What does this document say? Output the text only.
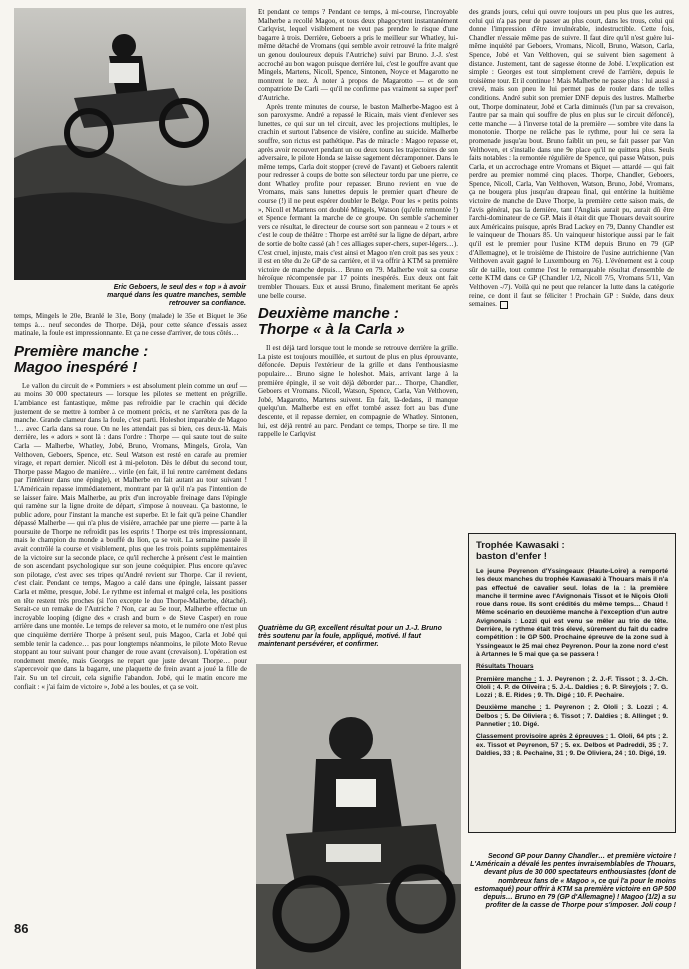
Eric Geboers, le seul des « top » à avoir marqué dans les quatre manches, semble retrouver sa confiance.

temps, Mingels le 20e, Branlé le 31e, Bony (malade) le 35e et Biquet le 36e temps à… neuf secondes de Thorpe. Déjà, pour cette séance d'essais assez matinale, la foule est impressionnante. Et ça ne cesse d'arriver, de tous côtés…

Première manche :
Magoo inespéré !

Le vallon du circuit de « Pommiers » est absolument plein comme un œuf — au moins 30 000 spectateurs — lorsque les pilotes se mettent en prégrille. L'ambiance est fantastique, même pas refroidie par le crachin qui décide justement de se mettre à tomber à ce moment précis, et ne s'arrêtera pas de la manche. Grande clameur dans la foule, c'est parti. Holeshot imparable de Magoo !… avec Carla dans sa roue. On ne les attendait pas si bien, ces deux-là. Mais derrière, les « adors » sont là : dans l'ordre : Thorpe — qui saute tout de suite Carla — Malherbe, Whatley, Jobé, Bruno, Vromans, Mingels, Grola, Van Velthoven, Geboers, Spence, etc. Seul Watson est resté en carafe au premier virage, et repart dernier. Nicoll est à mi-peloton. Dès le début du second tour, Thorpe passe Magoo de manière… virile (en fait, il lui rentre carrément dedans par l'intérieur dans une épingle), et Malherbe en fait autant au tour suivant ! L'Américain repasse immédiatement, montrant par là qu'il n'a pas l'intention de se laisser faire. Mais Malherbe, au prix d'un incroyable freinage dans l'épingle qui ramène sur la ligne droite de départ, s'impose à nouveau. Ça bastonne, le public adore, pour l'instant la manche est superbe. Et le fait qu'à peine Chandler dépassé Malherbe — qui n'a plus de visière, arrachée par une pierre — parte à la poursuite de Thorpe ne refroidit pas les esprits ! Thorpe est très impressionnant, mais le champion du monde a bouffé du lion, ça se voit. La semaine passée il avait contrôlé la course et visiblement, plus que les trois points supplémentaires de la victoire sur la seconde place, ce qu'il recherche à présent c'est le maintien de son ascendant psychologique sur son jeune coéquipier. Plus encore qu'avec son pilotage, c'est avec ses tripes qu'André revient sur Thorpe. Car il revient, c'est clair. Pendant ce temps, Magoo a calé dans une épingle, laissant passer Carla et même, presque, Jobé. Le rythme est infernal et malgré cela, les positions en tête restent très proches (si l'on excepte le duo Thorpe-Malherbe, détaché). Serait-ce un remake de l'Autriche ? Non, car au 5e tour, Malherbe effectue un incroyable looping (digne des « crash and burn » de Steve Casper) en roue arrière dans une montée. Le temps de relever sa moto, et le numéro one n'est plus que cinquième derrière Thorpe à présent seul, puis Magoo, Carla et Jobé qui semble tenir la cadence… pas pour longtemps néanmoins, le pilote Moto Revue stoppant au tour suivant pour changer de roue avant (crevaison). L'opération est rondement menée, mais Georges ne repart que juste devant Thorpe… pour s'apercevoir que dans la bagarre, une plaquette de frein avant a joué la fille de l'air. Su un tel circuit, cela signifie l'abandon. Jobé, qui le matin encore me confiait : « j'ai faim de victoire », Jobé a les boules, et ça se voit.

Et pendant ce temps ? Pendant ce temps, à mi-course, l'incroyable Malherbe a recollé Magoo, et tous deux phagocytent instantanément Carlqvist, lequel visiblement ne veut pas prendre le risque d'une bagarre à trois. Derrière, Geboers a pris le meilleur sur Whatley, lui-même détaché de Vromans (qui semble avoir retrouvé la frite malgré un genou douloureux depuis l'Autriche) suivi par Bruno. J.-J. s'est accroché au bon wagon puisque derrière lui, c'est le gouffre avant que Mingels, Martens, Nicoll, Spence, Sintonen, Noyce et Magarotto ne montrent le nez. À noter à propos de Magarotto — et de son compatriote De Carli — qu'il ne confirme pas vraiment sa super perf' d'Autriche.

Après trente minutes de course, le baston Malherbe-Magoo est à son paroxysme. André a repassé le Ricain, mais vient d'enlever ses lunettes, ce qui sur un tel circuit, avec les projections multiples, le crachin et surtout l'absence de visière, confine au suicide. Malherbe souffre, son rictus est pathétique. Pas de miracle : Magoo repasse et, après avoir recouvert pendant un ou deux tours les trajectoires de son adversaire, le pilote Honda se laisse sagement décramponner. Dans le même temps, Carla doit stopper (crevé de l'avant) et Geboers ralentit pour redresser à coups de botte son sélecteur tordu par une pierre, ce dont Whatley profite pour repasser. Bruno revient en vue de Vromans, mais sans lunettes depuis le premier quart d'heure de course (!) il ne peut espérer doubler le Belge. Pour les « petits points », Nicoll et Martens ont doublé Mingels, Watson (qu'elle remontée !) et Spence fermant la marche de ce groupe. On semble s'acheminer vers ce résultat, le directeur de course sort son panneau « 2 tours » et c'est le coup de théâtre : Thorpe est arrêté sur la ligne de départ, arbre de sortie de boîte cassé (ah ! ces alliages super-chers, super-légers…). C'est cruel, injuste, mais c'est ainsi et Magoo n'en croit pas ses yeux : il est en tête du 2e GP de sa carrière, et il va offrir à KTM sa première victoire de manche depuis… Bruno en 79. Malherbe voit sa course héroïque récompensée par 17 points inespérés. Eux deux ont fait trembler Thouars. Eux et aussi Bruno, finalement meritant 6e après une belle course.

Deuxième manche :
Thorpe « à la Carla »

Il est déjà tard lorsque tout le monde se retrouve derrière la grille. La piste est toujours mouillée, et surtout de plus en plus éprouvante, défoncée. Depuis l'extérieur de la grille et dans l'enthousiasme populaire… Bruno signe le holeshot. Mais, arrivant large à la première épingle, il se voit déjà déborder par… Thorpe, Chandler, Geboers et Vromans. Nicoll, Watson, Spence, Carla, Van Velthoven, Jobé, Magarotto, Martens suivent. En fait, là-dedans, il manque quelqu'un. Malherbe est en effet tombé assez fort au bas d'une descente, et il repasse dernier, en compagnie de Whatley. Sintonen, lui, est déjà rentré au parc. Pendant ce temps, Thorpe se tire. Il me rappelle le Carlqvist

Quatrième du GP, excellent résultat pour un J.-J. Bruno très soutenu par la foule, appliqué, motivé. Il faut maintenant persévérer, et confirmer.

des grands jours, celui qui ouvre toujours un peu plus que les autres, celui qui n'a pas peur de passer au plus court, dans les trous, celui qui donne l'impression d'être invulnérable, indestructible. Cette fois, Chandler n'essaie même pas de suivre. Il faut dire qu'il n'est guère lui-même inquiété par Geboers, Vromans, Nicoll, Bruno, Watson, Carla, Spence, Jobé et Van Velthoven, qui se suivent bien sagement à distance. Justement, tant de sagesse étonne de Jobé. L'explication est simple : Georges est tout simplement crevé de l'arrière, depuis le troisième tour. Et il continue ! Mais Malherbe ne passe plus : lui aussi a crevé, mais son pneu le lui permet pas de rouler dans de telles conditions. André subit son premier DNF depuis des lustres. Malherbe out, Thorpe dominateur, Jobé et Carla diminués (l'un par sa crevaison, l'autre par sa main qui souffre de plus en plus sur le circuit défoncé), cette manche — à l'inverse total de la première — sombre vite dans la monotonie. Thorpe ne relâche pas le rythme, pour lui ce sera la promenade jusqu'au bout. Bruno faiblit un peu, se fait passer par Van Velthoven, et s'installe dans une 9e place qu'il ne quittera plus. Seuls faits notables : la remontée régulière de Spence, qui passe Watson, puis Carla, et un accrochage entre Vromans et Biquet — attardé — qui fait perdre au premier nommé cinq places. Thorpe, Chandler, Geboers, Spence, Nicoll, Carla, Van Velthoven, Watson, Bruno, Jobé, Vromans, ça ne bougera plus jusqu'au drapeau final, qui entérine la huitième victoire de manche de Dave Thorpe, la première cette saison mais, de l'avis général, pas la dernière, tant l'Anglais aurait pu, aurait dû être l'archi-dominateur de ce GP. Mais il était dit que Thouars devait sourire aux Américains puisque, après Brad Lackey en 79, Danny Chandler est le vainqueur de Thouars 85. Un vainqueur historique aussi par le fait qu'il est le premier pour l'usine KTM depuis Bruno en 79 (GP d'Allemagne), et le troisième de l'histoire de l'usine autrichienne (Van Velthoven avait gagné le Luxembourg en 76). L'événement est à coup sûr de taille, tout comme l'est le remarquable résultat d'ensemble de cette KTM dans ce GP (Chandler 1/2, Nicoll 7/5, Vromans 5/11, Van Velthoven -/7). Voilà qui ne peut que relancer la lutte dans la catégorie reine, ce dont il faut se féliciter ! Prochain GP : Suède, dans deux semaines.

Trophée Kawasaki :
baston d'enfer !

Le jeune Peyrenon d'Yssingeaux (Haute-Loire) a remporté les deux manches du trophée Kawasaki à Thouars mais il n'a pas effectué de cavalier seul. Iolas de la : la première manche il termine avec l'Avignonais Tissot et le Niçois Ololi roue dans roue. Ils sont crédités du même temps… Chaud ! Même scénario en deuxième manche à l'exception d'un autre Avignonais : Lozzi qui est venu se mêler au trio de tête. Derrière, le rythme était très élevé, sûrement du fait du cadre compétition : le GP 500. Prochaine épreuve de la zone sud à Yssingeaux le 25 mai chez Peyrenon. Pour la zone nord c'est à Artannes le 5 mai que ça se passera !

Résultats Thouars

Première manche : 1. J. Peyrenon ; 2. J.-F. Tissot ; 3. J.-Ch. Ololi ; 4. P. de Oliveira ; 5. J.-L. Daldies ; 6. P. Sireyjols ; 7. G. Lozzi ; 8. E. Rides ; 9. Th. Digé ; 10. F. Pechaire.

Deuxième manche : 1. Peyrenon ; 2. Ololi ; 3. Lozzi ; 4. Delbos ; 5. De Oliviera ; 6. Tissot ; 7. Daldies ; 8. Allinget ; 9. Pannetier ; 10. Digé.

Classement provisoire après 2 épreuves : 1. Ololi, 64 pts ; 2. ex. Tissot et Peyrenon, 57 ; 5. ex. Delbos et Padreddi, 35 ; 7. Daldies, 33 ; 8. Pechaine, 31 ; 9. De Oliviera, 24 ; 10. Digé, 19.

Second GP pour Danny Chandler… et première victoire ! L'Américain a dévalé les pentes invraisemblables de Thouars, devant plus de 30 000 spectateurs enthousiastes (dont de nombreux fans de « Magoo », ce qui l'a pour le moins estomaqué) pour offrir à KTM sa première victoire en GP 500 depuis… Bruno en 79 (GP d'Allemagne) ! Magoo (1/2) a su profiter de la casse de Thorpe pour s'imposer. Joli coup !
86
